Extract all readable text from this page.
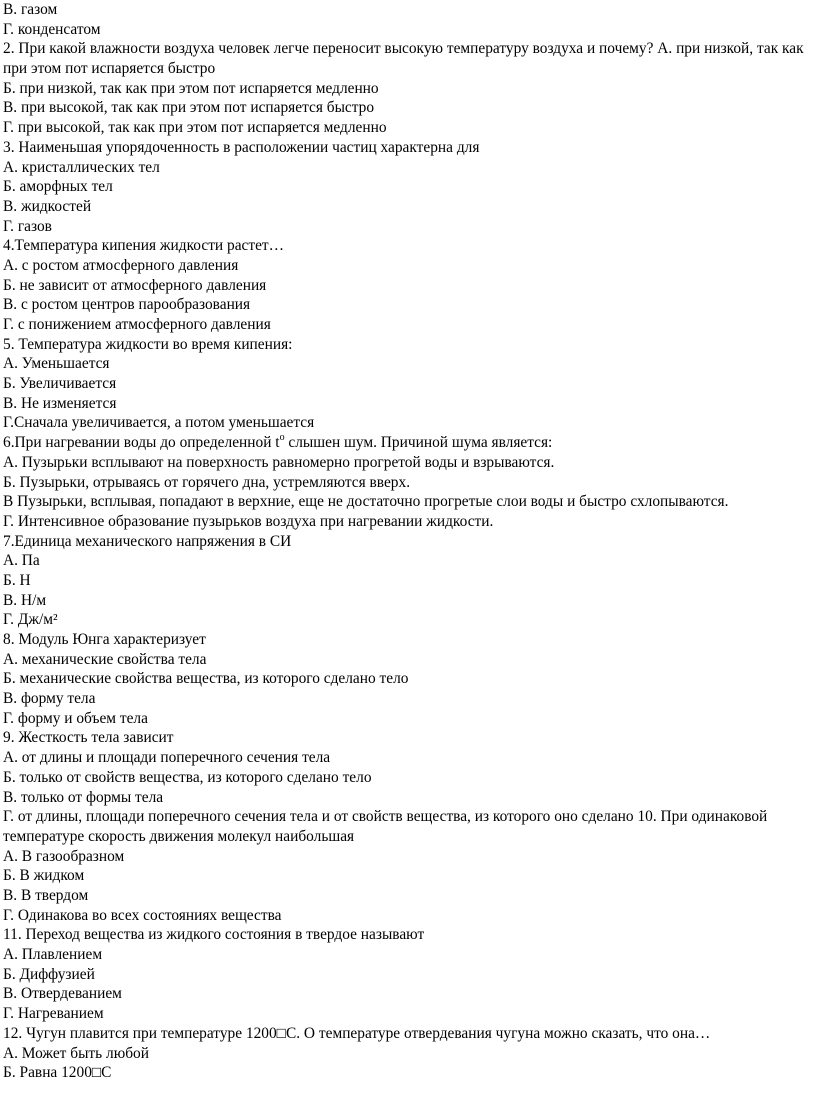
В. газом

Г. конденсатом

2. При какой влажности воздуха человек легче переносит высокую температуру воздуха и почему? А. при низкой, так как при этом пот испаряется быстро

Б. при низкой, так как при этом пот испаряется медленно

В. при высокой, так как при этом пот испаряется быстро

Г. при высокой, так как при этом пот испаряется медленно

3. Наименьшая упорядоченность в расположении частиц характерна для

А. кристаллических тел

Б. аморфных тел

В. жидкостей

Г. газов

4.Температура кипения жидкости растет…

А. с ростом атмосферного давления

Б. не зависит от атмосферного давления

В. с ростом центров парообразования

Г. с понижением атмосферного давления

5. Температура жидкости во время кипения:

А. Уменьшается

Б. Увеличивается

В. Не изменяется

Г.Сначала увеличивается, а потом уменьшается

6.При нагревании воды до определенной $t^o$ слышен шум. Причиной шума является:

А. Пузырьки всплывают на поверхность равномерно прогретой воды и взрываются.

Б. Пузырьки, отрываясь от горячего дна, устремляются вверх.

В Пузырьки, всплывая, попадают в верхние, еще не достаточно прогретые слои воды и быстро схлопываются.

Г. Интенсивное образование пузырьков воздуха при нагревании жидкости.

7.Единица механического напряжения в СИ

А. Па

Б. Н

В. Н/м

Г. Дж/м²

8. Модуль Юнга характеризует

А. механические свойства тела

Б. механические свойства вещества, из которого сделано тело

В. форму тела

Г. форму и объем тела

9. Жесткость тела зависит

А. от длины и площади поперечного сечения тела

Б. только от свойств вещества, из которого сделано тело

В. только от формы тела

Г. от длины, площади поперечного сечения тела и от свойств вещества, из которого оно сделано 10. При одинаковой температуре скорость движения молекул наибольшая

А. В газообразном

Б. В жидком

В. В твердом

Г. Одинакова во всех состояниях вещества

11. Переход вещества из жидкого состояния в твердое называют

А. Плавлением

Б. Диффузией

В. Отвердеванием

Г. Нагреванием

12. Чугун плавится при температуре 1200□С. О температуре отвердевания чугуна можно сказать, что она…

А. Может быть любой

Б. Равна 1200□С
